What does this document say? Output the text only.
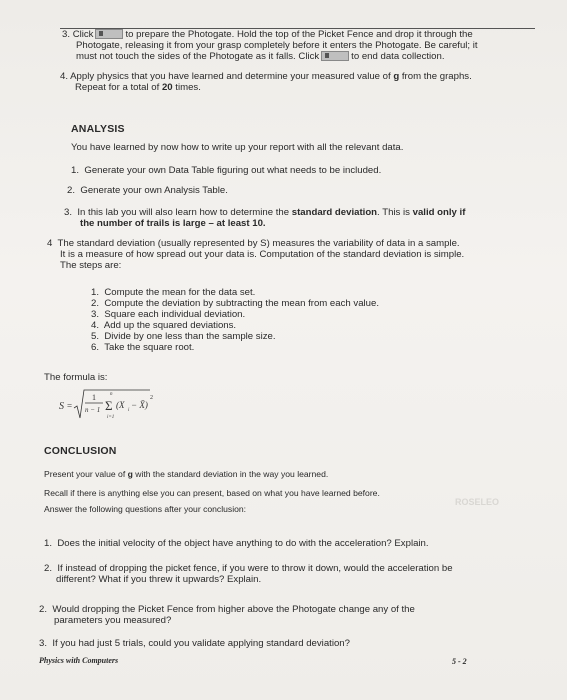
3. Click	to prepare the Photogate. Hold the top of the Picket Fence and drop it through the
Photogate, releasing it from your grasp completely before it enters the Photogate. Be careful; it
must not touch the sides of the Photogate as it falls. Click	to end data collection.
4. Apply physics that you have learned and determine your measured value of g from the graphs.
Repeat for a total of 20 times.
ANALYSIS
You have learned by now how to write up your report with all the relevant data.
1. Generate your own Data Table figuring out what needs to be included.
2. Generate your own Analysis Table.
3. In this lab you will also learn how to determine the standard deviation. This is valid only if
the number of trails is large – at least 10.
4 The standard deviation (usually represented by S) measures the variability of data in a sample.
It is a measure of how spread out your data is. Computation of the standard deviation is simple.
The steps are:
1. Compute the mean for the data set.
2. Compute the deviation by subtracting the mean from each value.
3. Square each individual deviation.
4. Add up the squared deviations.
5. Divide by one less than the sample size.
6. Take the square root.
The formula is:
S =
1
n − 1
n
Σ
i=1
(X
i
− X̄)
2
CONCLUSION
Present your value of g with the standard deviation in the way you learned.
Recall if there is anything else you can present, based on what you have learned before.
ROSELEO
Answer the following questions after your conclusion:
1. Does the initial velocity of the object have anything to do with the acceleration? Explain.
2. If instead of dropping the picket fence, if you were to throw it down, would the acceleration be
different? What if you threw it upwards? Explain.
2. Would dropping the Picket Fence from higher above the Photogate change any of the
parameters you measured?
3. If you had just 5 trials, could you validate applying standard deviation?
Physics with Computers	5 - 2
